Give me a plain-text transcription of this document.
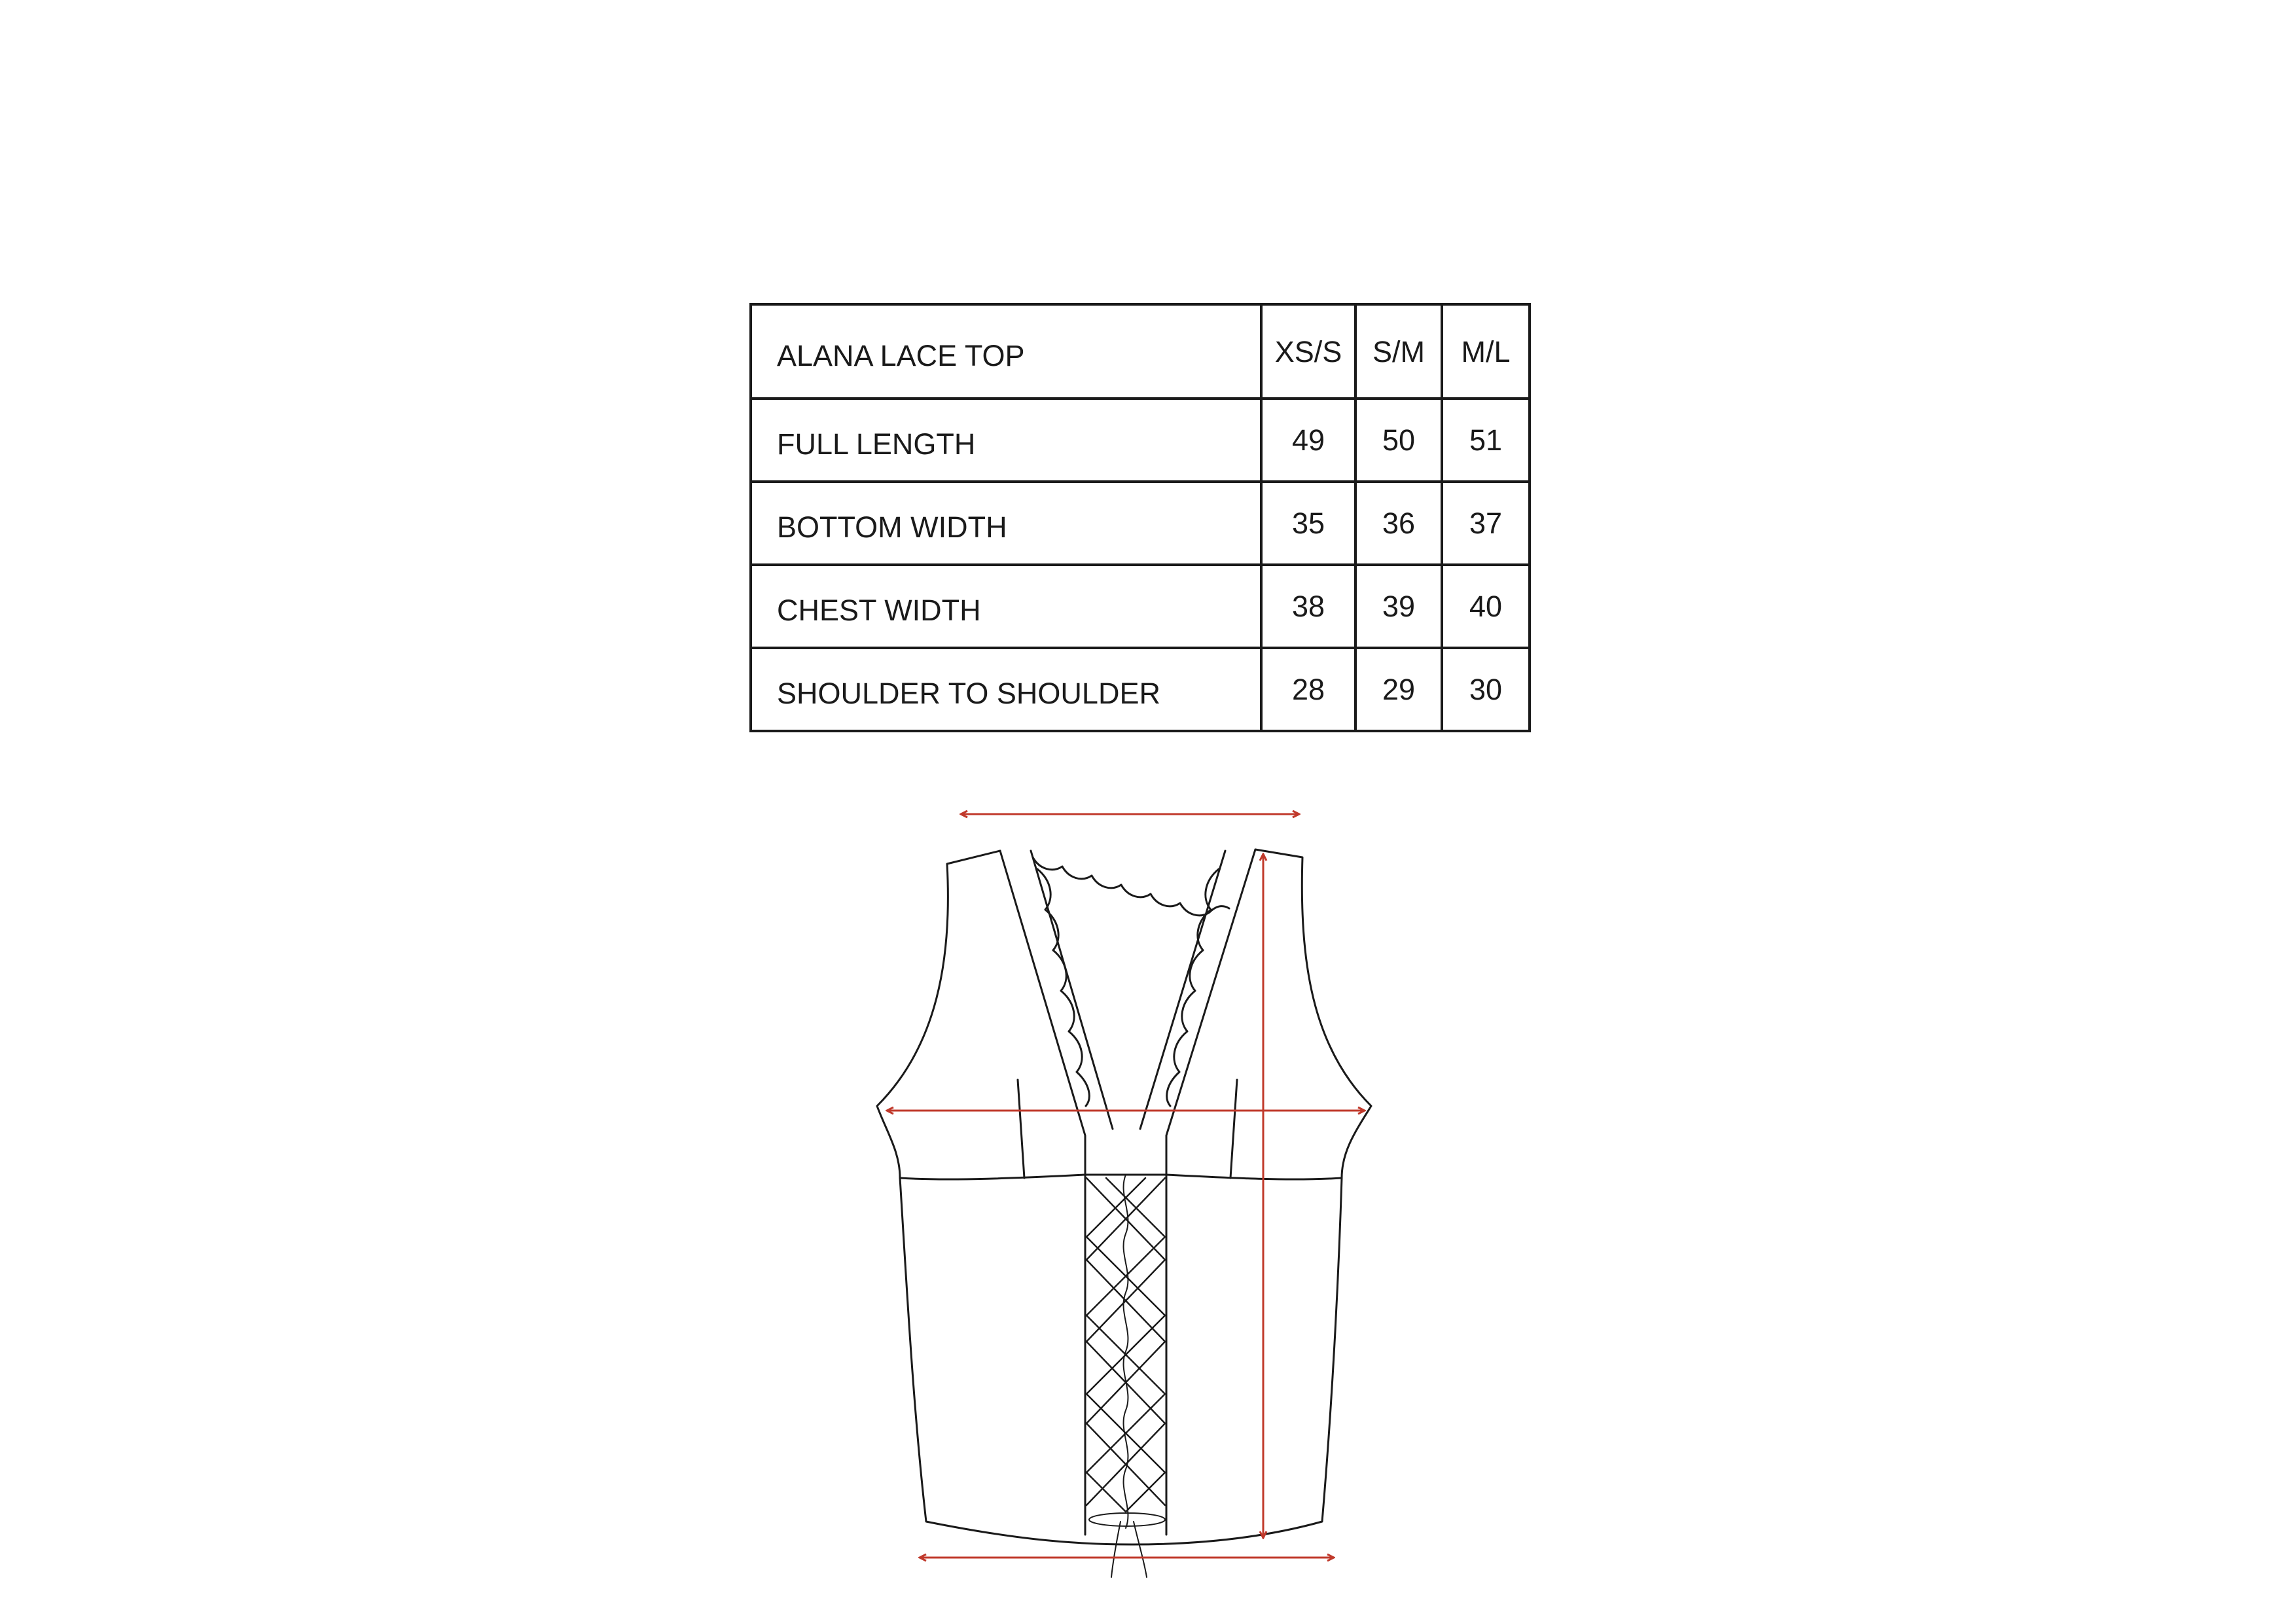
ALANA LACE TOP	XS/S	S/M	M/L
FULL LENGTH	49	50	51
BOTTOM WIDTH	35	36	37
CHEST WIDTH	38	39	40
SHOULDER TO SHOULDER	28	29	30
